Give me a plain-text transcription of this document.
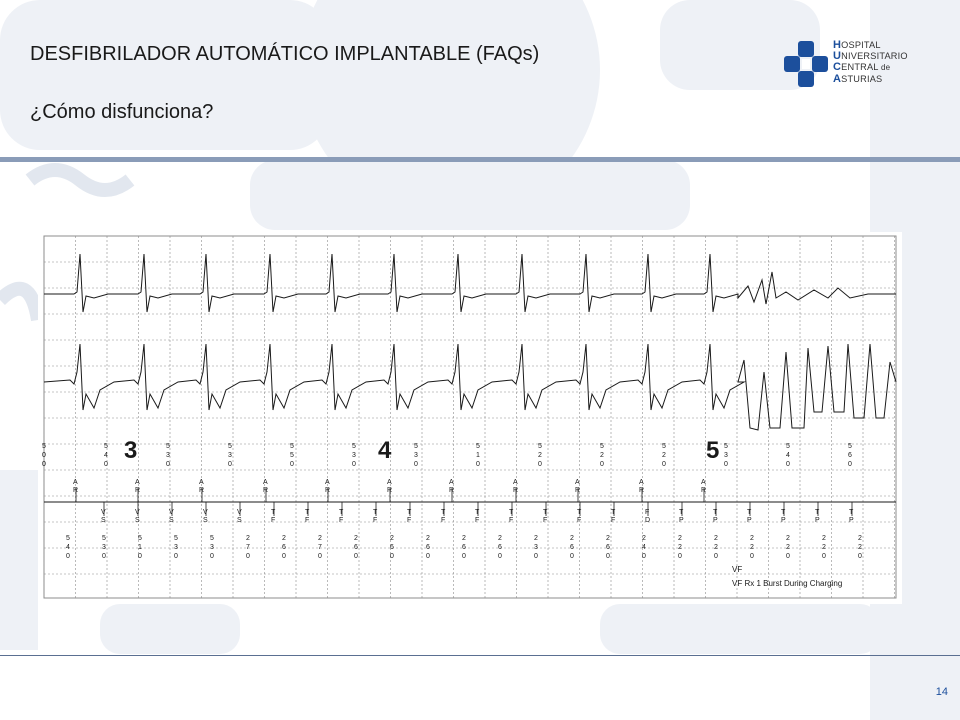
DESFIBRILADOR AUTOMÁTICO IMPLANTABLE (FAQs)
¿Cómo disfunciona?
HOSPITAL
UNIVERSITARIO
CENTRAL de
ASTURIAS
3	4	5
5
0
0
5
4
0
5
3
0
5
3
0
5
5
0
5
3
0
5
3
0
5
1
0
5
2
0
5
2
0
5
2
0
5
3
0
5
4
0
5
6
0
A
R
A
R
A
R
A
R
A
R
A
R
A
R
A
R
A
R
A
R
A
R
V
S
V
S
V
S
V
S
V
S
T
F
T
F
T
F
T
F
T
F
T
F
T
F
T
F
T
F
T
F
T
F
F
D
T
P
T
P
T
P
T
P
T
P
T
P
5
4
0
5
3
0
5
1
0
5
3
0
5
3
0
2
7
0
2
6
0
2
7
0
2
6
0
2
6
0
2
6
0
2
6
0
2
6
0
2
3
0
2
6
0
2
6
0
2
4
0
2
2
0
2
2
0
2
2
0
2
2
0
2
2
0
2
2
0
VF
VF Rx 1 Burst During Charging
14
